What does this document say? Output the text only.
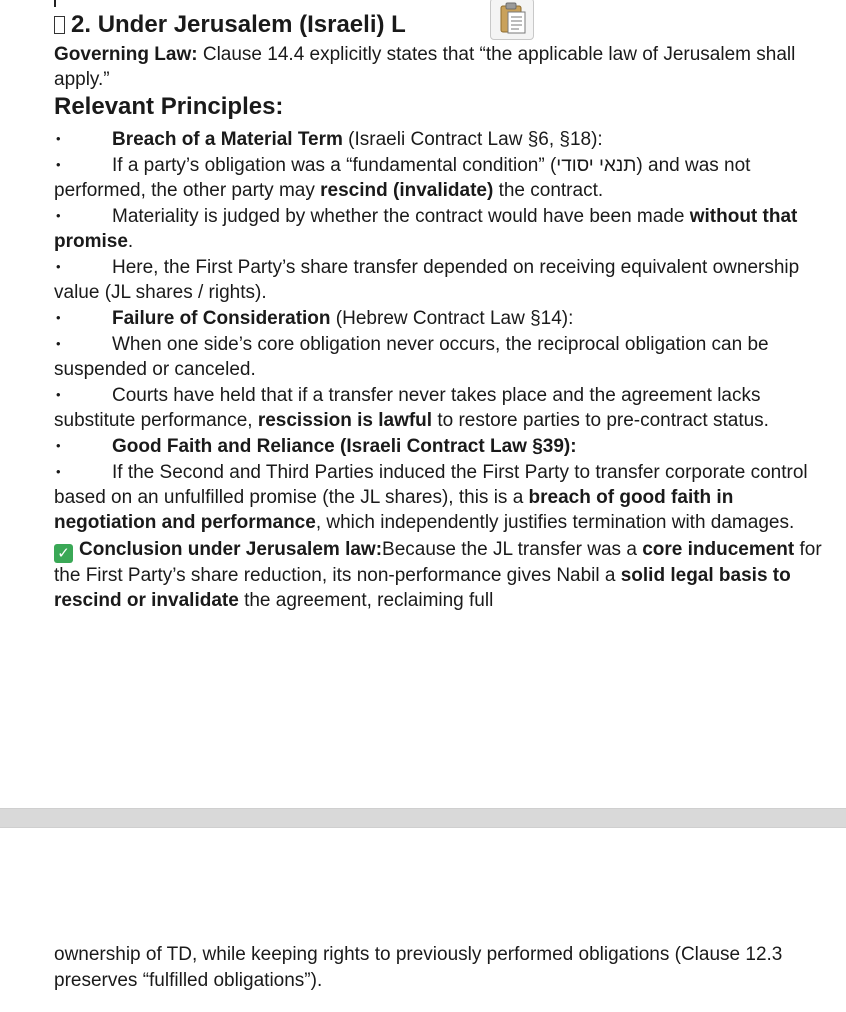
2. Under Jerusalem (Israeli) L

Governing Law: Clause 14.4 explicitly states that “the applicable law of Jerusalem shall apply.”

Relevant Principles:

•Breach of a Material Term (Israeli Contract Law §6, §18):

•If a party’s obligation was a “fundamental condition” (תנאי יסודי) and was not performed, the other party may rescind (invalidate) the contract.

•Materiality is judged by whether the contract would have been made without that promise.

•Here, the First Party’s share transfer depended on receiving equivalent ownership value (JL shares / rights).

•Failure of Consideration (Hebrew Contract Law §14):

•When one side’s core obligation never occurs, the reciprocal obligation can be suspended or canceled.

•Courts have held that if a transfer never takes place and the agreement lacks substitute performance, rescission is lawful to restore parties to pre-contract status.

•Good Faith and Reliance (Israeli Contract Law §39):

•If the Second and Third Parties induced the First Party to transfer corporate control based on an unfulfilled promise (the JL shares), this is a breach of good faith in negotiation and performance, which independently justifies termination with damages.

✓ Conclusion under Jerusalem law:Because the JL transfer was a core inducement for the First Party’s share reduction, its non-performance gives Nabil a solid legal basis to rescind or invalidate the agreement, reclaiming full

ownership of TD, while keeping rights to previously performed obligations (Clause 12.3 preserves “fulfilled obligations”).
